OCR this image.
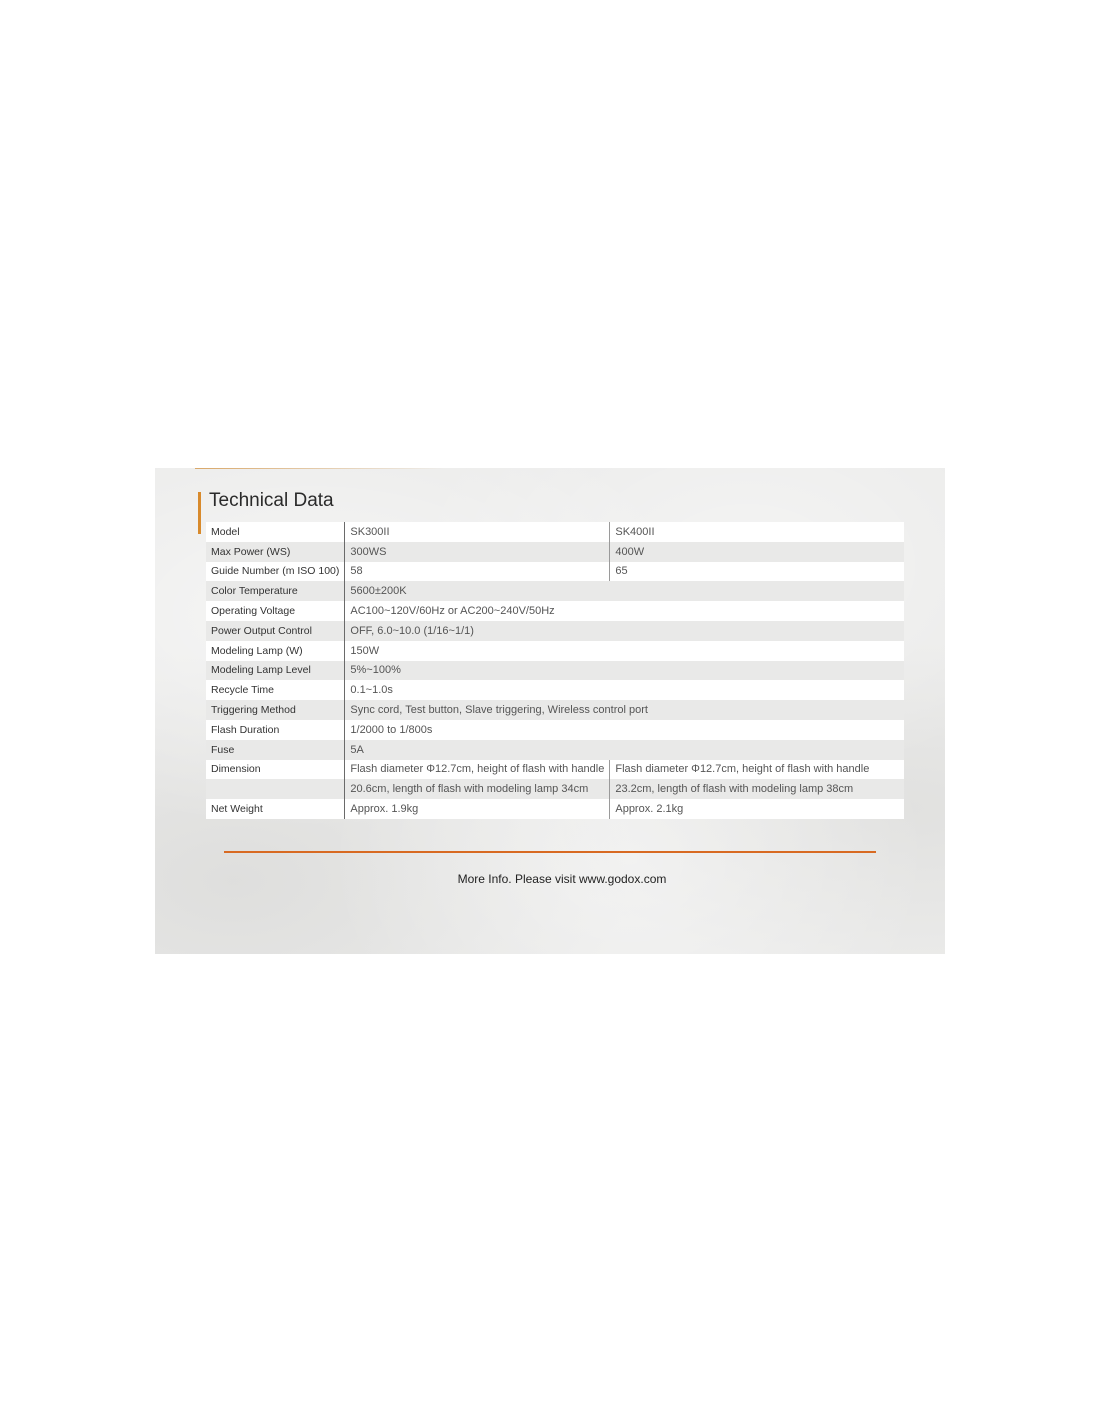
Technical Data
Model	SK300II	SK400II
Max Power (WS)	300WS	400W
Guide Number (m ISO 100)	58	65
Color Temperature	5600±200K	
Operating Voltage	AC100~120V/60Hz or AC200~240V/50Hz	
Power Output Control	OFF, 6.0~10.0 (1/16~1/1)	
Modeling Lamp (W)	150W	
Modeling Lamp Level	5%~100%	
Recycle Time	0.1~1.0s	
Triggering Method	Sync cord, Test button, Slave triggering, Wireless control port	
Flash Duration	1/2000 to 1/800s	
Fuse	5A	
Dimension	Flash diameter Φ12.7cm, height of flash with handle	Flash diameter Φ12.7cm, height of flash with handle
	20.6cm, length of flash with modeling lamp 34cm	23.2cm, length of flash with modeling lamp 38cm
Net Weight	Approx. 1.9kg	Approx. 2.1kg
More Info. Please visit www.godox.com
